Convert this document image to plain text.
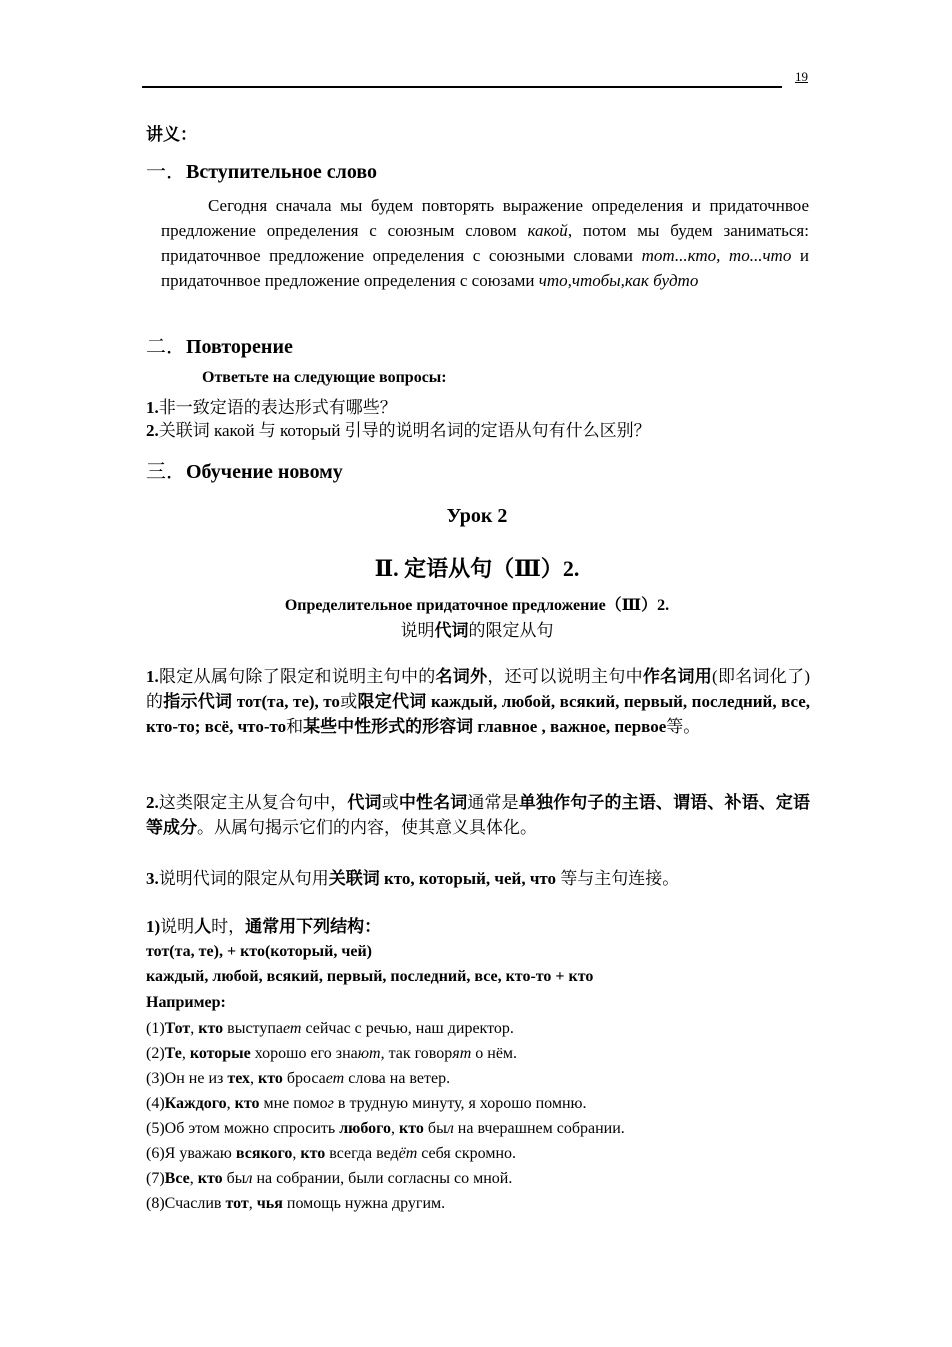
19
讲义：
一．Вступительное слово
Сегодня сначала мы будем повторять выражение определения и придаточнвое предложение определения с союзным словом какой, потом мы будем заниматься: придаточнвое предложение определения с союзными словами тот...кто, то...что и придаточнвое предложение определения с союзами что,чтобы,как будто
二．Повторение
Ответьте на следующие вопросы:
1.非一致定语的表达形式有哪些？
2.关联词 какой 与 который 引导的说明名词的定语从句有什么区别？
三．Обучение новому
Урок 2
Ⅱ. 定语从句（Ⅲ）2.
Определительное придаточное предложение（Ⅲ）2.
说明代词的限定从句
1.限定从属句除了限定和说明主句中的名词外，还可以说明主句中作名词用(即名词化了)的指示代词 тот(та, те), то或限定代词 каждый, любой, всякий, первый, последний, все, кто-то; всё, что-то和某些中性形式的形容词 главное , важное, первое等。
2.这类限定主从复合句中，代词或中性名词通常是单独作句子的主语、谓语、补语、定语等成分。从属句揭示它们的内容，使其意义具体化。
3.说明代词的限定从句用关联词 кто, который, чей, что 等与主句连接。
1)说明人时，通常用下列结构：
тот(та, те), + кто(который, чей)
каждый, любой, всякий, первый, последний, все, кто-то + кто
Например:
(1)Тот, кто выступает сейчас с речью, наш директор.
(2)Те, которые хорошо его знают, так говорят о нём.
(3)Он не из тех, кто бросает слова на ветер.
(4)Каждого, кто мне помог в трудную минуту, я хорошо помню.
(5)Об этом можно спросить любого, кто был на вчерашнем собрании.
(6)Я уважаю всякого, кто всегда ведёт себя скромно.
(7)Все, кто был на собрании, были согласны со мной.
(8)Счаслив тот, чья помощь нужна другим.
